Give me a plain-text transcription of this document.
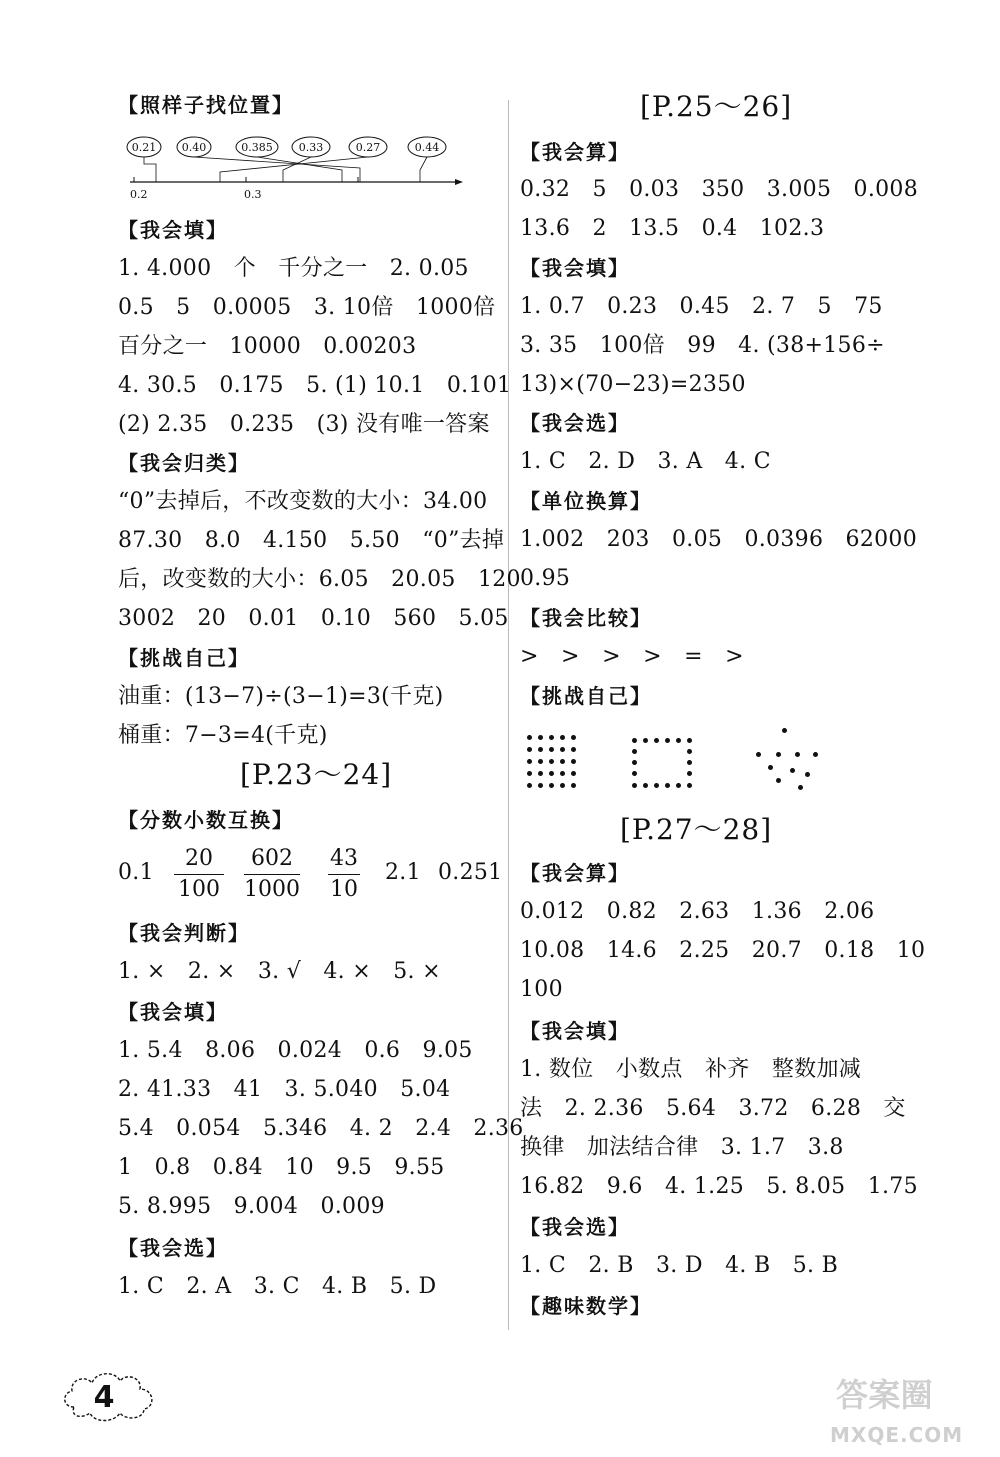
【照样子找位置】
0.21 0.40	0.385 0.33	0.27	0.44
0.2	0.3
【我会填】
1. 4.000　个　千分之一　2. 0.05
0.5　5　0.0005　3. 10倍　1000倍
百分之一　10000　0.00203
4. 30.5　0.175　5. (1) 10.1　0.101
(2) 2.35　0.235　(3) 没有唯一答案
【我会归类】
“0”去掉后，不改变数的大小：34.00
87.30　8.0　4.150　5.50　“0”去掉
后，改变数的大小：6.05　20.05　120
3002　20　0.01　0.10　560　5.05
【挑战自己】
油重：(13−7)÷(3−1)=3(千克)
桶重：7−3=4(千克)
[P.23～24]
【分数小数互换】
0.1
20
100
602
1000
43
10
2.1 0.251
【我会判断】
1. ×　2. ×　3. √　4. ×　5. ×
【我会填】
1. 5.4　8.06　0.024　0.6　9.05
2. 41.33　41　3. 5.040　5.04
5.4　0.054　5.346　4. 2　2.4　2.36
1　0.8　0.84　10　9.5　9.55
5. 8.995　9.004　0.009
【我会选】
1. C　2. A　3. C　4. B　5. D
[P.25～26]
【我会算】
0.32　5　0.03　350　3.005　0.008
13.6　2　13.5　0.4　102.3
【我会填】
1. 0.7　0.23　0.45　2. 7　5　75
3. 35　100倍　99　4. (38+156÷
13)×(70−23)=2350
【我会选】
1. C　2. D　3. A　4. C
【单位换算】
1.002　203　0.05　0.0396　62000
0.95
【我会比较】
>　>　>　>　=　>
【挑战自己】
[P.27～28]
【我会算】
0.012　0.82　2.63　1.36　2.06
10.08　14.6　2.25　20.7　0.18　10
100
【我会填】
1. 数位　小数点　补齐　整数加减
法　2. 2.36　5.64　3.72　6.28　交
换律　加法结合律　3. 1.7　3.8
16.82　9.6　4. 1.25　5. 8.05　1.75
【我会选】
1. C　2. B　3. D　4. B　5. B
【趣味数学】
4	答案圈
MXQE.COM
